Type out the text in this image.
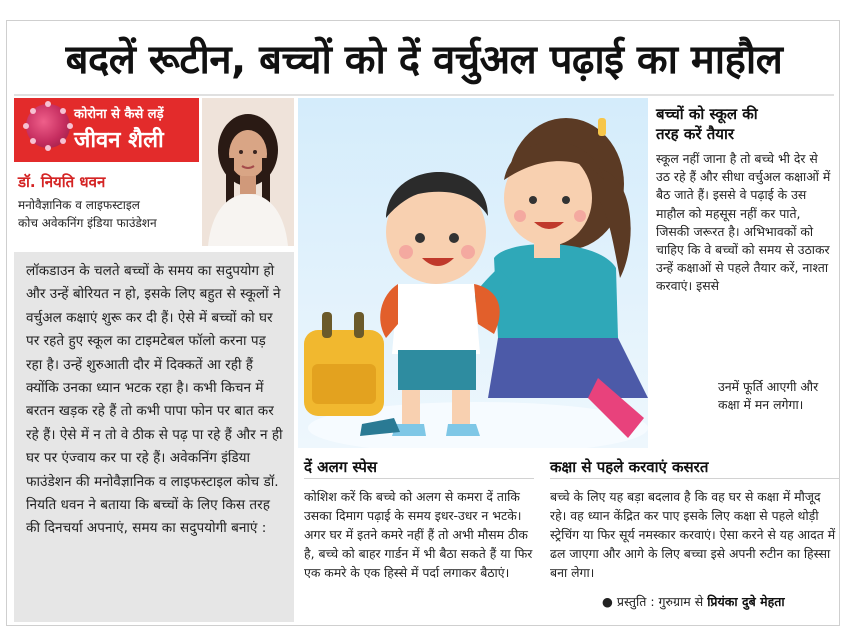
बदलें रूटीन, बच्चों को दें वर्चुअल पढ़ाई का माहौल
कोरोना से कैसे लड़ें
जीवन शैली
डॉ. नियति धवन
मनोवैज्ञानिक व लाइफस्टाइल
कोच अवेकनिंग इंडिया फाउंडेशन
लॉकडाउन के चलते बच्चों के समय का सदुपयोग हो और उन्हें बोरियत न हो, इसके लिए बहुत से स्कूलों ने वर्चुअल कक्षाएं शुरू कर दी हैं। ऐसे में बच्चों को घर पर रहते हुए स्कूल का टाइमटेबल फॉलो करना पड़ रहा है। उन्हें शुरुआती दौर में दिक्कतें आ रही हैं क्योंकि उनका ध्यान भटक रहा है। कभी किचन में बरतन खड़क रहे हैं तो कभी पापा फोन पर बात कर रहे हैं। ऐसे में न तो वे ठीक से पढ़ पा रहे हैं और न ही घर पर एंज्वाय कर पा रहे हैं। अवेकनिंग इंडिया फाउंडेशन की मनोवैज्ञानिक व लाइफस्टाइल कोच डॉ. नियति धवन ने बताया कि बच्चों के लिए किस तरह की दिनचर्या अपनाएं, समय का सदुपयोगी बनाएं :
बच्चों को स्कूल की
तरह करें तैयार
स्कूल नहीं जाना है तो बच्चे भी देर से उठ रहे हैं और सीधा वर्चुअल कक्षाओं में बैठ जाते हैं। इससे वे पढ़ाई के उस माहौल को महसूस नहीं कर पाते, जिसकी जरूरत है। अभिभावकों को चाहिए कि वे बच्चों को समय से उठाकर उन्हें कक्षाओं से पहले तैयार करें, नाश्ता करवाएं। इससे
उनमें फूर्ति आएगी और कक्षा में मन लगेगा।
दें अलग स्पेस
कोशिश करें कि बच्चे को अलग से कमरा दें ताकि उसका दिमाग पढ़ाई के समय इधर-उधर न भटके। अगर घर में इतने कमरे नहीं हैं तो अभी मौसम ठीक है, बच्चे को बाहर गार्डन में भी बैठा सकते हैं या फिर एक कमरे के एक हिस्से में पर्दा लगाकर बैठाएं।
कक्षा से पहले करवाएं कसरत
बच्चे के लिए यह बड़ा बदलाव है कि वह घर से कक्षा में मौजूद रहे। वह ध्यान केंद्रित कर पाए इसके लिए कक्षा से पहले थोड़ी स्ट्रेचिंग या फिर सूर्य नमस्कार करवाएं। ऐसा करने से यह आदत में ढल जाएगा और आगे के लिए बच्चा इसे अपनी रुटीन का हिस्सा बना लेगा।
● प्रस्तुति : गुरुग्राम से प्रियंका दुबे मेहता
